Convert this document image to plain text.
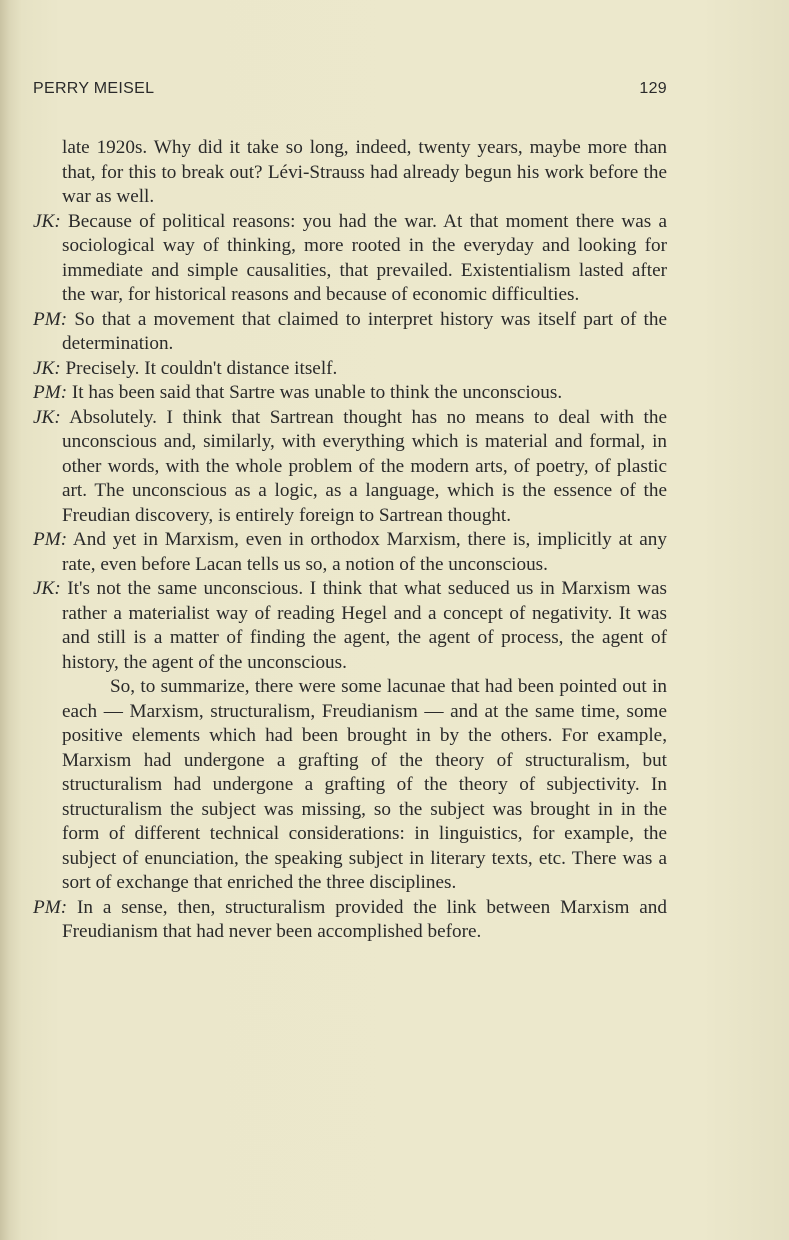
PERRY MEISEL	129

late 1920s. Why did it take so long, indeed, twenty years, maybe more than that, for this to break out? Lévi-Strauss had already begun his work before the war as well.

JK: Because of political reasons: you had the war. At that moment there was a sociological way of thinking, more rooted in the everyday and looking for immediate and simple causalities, that prevailed. Existentialism lasted after the war, for historical reasons and because of economic difficulties.

PM: So that a movement that claimed to interpret history was itself part of the determination.

JK: Precisely. It couldn't distance itself.

PM: It has been said that Sartre was unable to think the unconscious.

JK: Absolutely. I think that Sartrean thought has no means to deal with the unconscious and, similarly, with everything which is material and formal, in other words, with the whole problem of the modern arts, of poetry, of plastic art. The unconscious as a logic, as a language, which is the essence of the Freudian discovery, is entirely foreign to Sartrean thought.

PM: And yet in Marxism, even in orthodox Marxism, there is, implicitly at any rate, even before Lacan tells us so, a notion of the unconscious.

JK: It's not the same unconscious. I think that what seduced us in Marxism was rather a materialist way of reading Hegel and a concept of negativity. It was and still is a matter of finding the agent, the agent of process, the agent of history, the agent of the unconscious.

So, to summarize, there were some lacunae that had been pointed out in each — Marxism, structuralism, Freudianism — and at the same time, some positive elements which had been brought in by the others. For example, Marxism had undergone a grafting of the theory of structuralism, but structuralism had undergone a grafting of the theory of subjectivity. In structuralism the subject was missing, so the subject was brought in in the form of different technical considerations: in linguistics, for example, the subject of enunciation, the speaking subject in literary texts, etc. There was a sort of exchange that enriched the three disciplines.

PM: In a sense, then, structuralism provided the link between Marxism and Freudianism that had never been accomplished before.
